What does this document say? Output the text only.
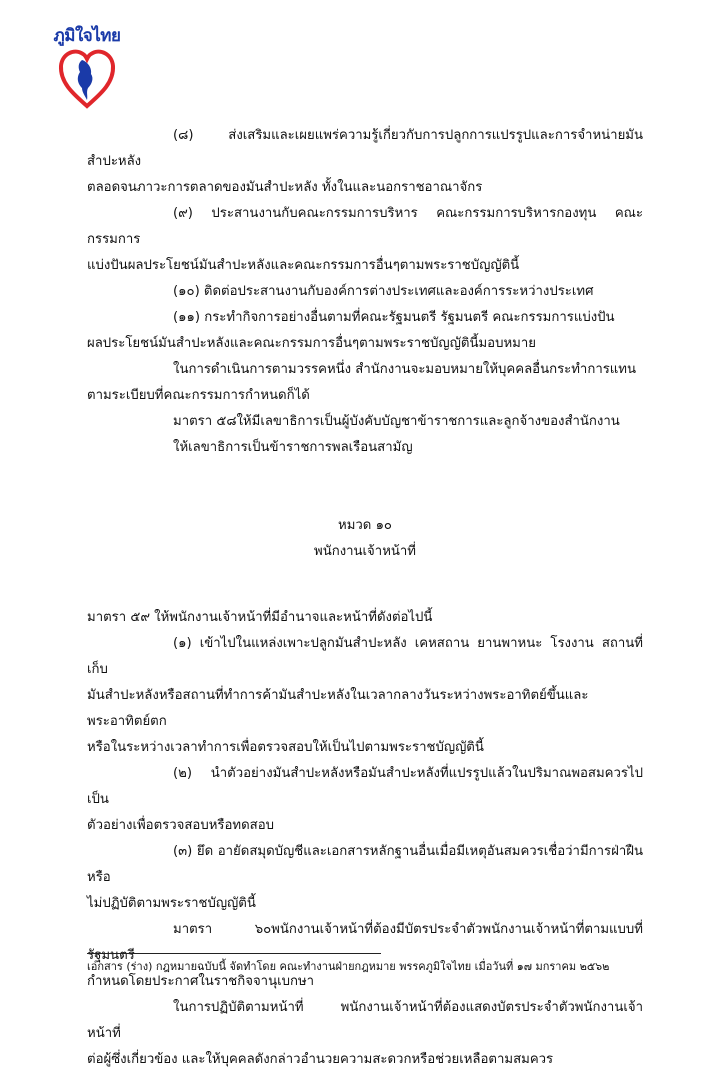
ภูมิใจไทย

(๘) ส่งเสริมและเผยแพร่ความรู้เกี่ยวกับการปลูกการแปรรูปและการจำหน่ายมันสำปะหลัง
ตลอดจนภาวะการตลาดของมันสำปะหลัง ทั้งในและนอกราชอาณาจักร

(๙) ประสานงานกับคณะกรรมการบริหาร คณะกรรมการบริหารกองทุน คณะกรรมการ
แบ่งปันผลประโยชน์มันสำปะหลังและคณะกรรมการอื่นๆตามพระราชบัญญัตินี้

(๑๐) ติดต่อประสานงานกับองค์การต่างประเทศและองค์การระหว่างประเทศ

(๑๑) กระทำกิจการอย่างอื่นตามที่คณะรัฐมนตรี รัฐมนตรี คณะกรรมการแบ่งปัน
ผลประโยชน์มันสำปะหลังและคณะกรรมการอื่นๆตามพระราชบัญญัตินี้มอบหมาย

ในการดำเนินการตามวรรคหนึ่ง สำนักงานจะมอบหมายให้บุคคลอื่นกระทำการแทน
ตามระเบียบที่คณะกรรมการกำหนดก็ได้

มาตรา ๕๘ให้มีเลขาธิการเป็นผู้บังคับบัญชาข้าราชการและลูกจ้างของสำนักงาน

ให้เลขาธิการเป็นข้าราชการพลเรือนสามัญ

หมวด ๑๐

พนักงานเจ้าหน้าที่

มาตรา ๕๙ ให้พนักงานเจ้าหน้าที่มีอำนาจและหน้าที่ดังต่อไปนี้

(๑) เข้าไปในแหล่งเพาะปลูกมันสำปะหลัง เคหสถาน ยานพาหนะ โรงงาน สถานที่เก็บ
มันสำปะหลังหรือสถานที่ทำการค้ามันสำปะหลังในเวลากลางวันระหว่างพระอาทิตย์ขึ้นและพระอาทิตย์ตก
หรือในระหว่างเวลาทำการเพื่อตรวจสอบให้เป็นไปตามพระราชบัญญัตินี้

(๒) นำตัวอย่างมันสำปะหลังหรือมันสำปะหลังที่แปรรูปแล้วในปริมาณพอสมควรไปเป็น
ตัวอย่างเพื่อตรวจสอบหรือทดสอบ

(๓) ยึด อายัดสมุดบัญชีและเอกสารหลักฐานอื่นเมื่อมีเหตุอันสมควรเชื่อว่ามีการฝ่าฝืนหรือ
ไม่ปฏิบัติตามพระราชบัญญัตินี้

มาตรา ๖๐พนักงานเจ้าหน้าที่ต้องมีบัตรประจำตัวพนักงานเจ้าหน้าที่ตามแบบที่รัฐมนตรี
กำหนดโดยประกาศในราชกิจจานุเบกษา

ในการปฏิบัติตามหน้าที่ พนักงานเจ้าหน้าที่ต้องแสดงบัตรประจำตัวพนักงานเจ้าหน้าที่
ต่อผู้ซึ่งเกี่ยวข้อง และให้บุคคลดังกล่าวอำนวยความสะดวกหรือช่วยเหลือตามสมควร

เอกสาร (ร่าง) กฎหมายฉบับนี้ จัดทำโดย คณะทำงานฝ่ายกฎหมาย พรรคภูมิใจไทย เมื่อวันที่ ๑๗ มกราคม ๒๕๖๒
